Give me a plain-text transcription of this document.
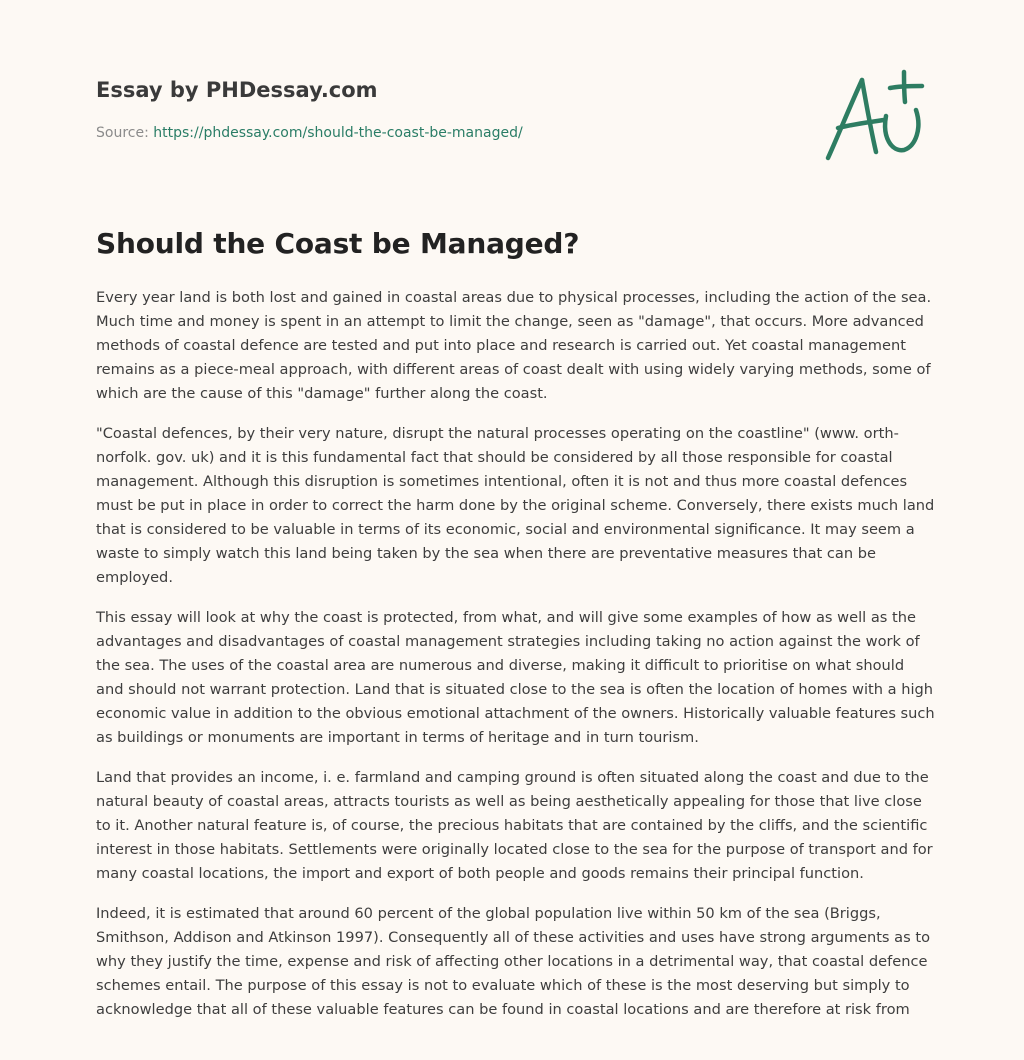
Essay by PHDessay.com
Source: https://phdessay.com/should-the-coast-be-managed/
Should the Coast be Managed?

Every year land is both lost and gained in coastal areas due to physical processes, including the action of the sea. Much time and money is spent in an attempt to limit the change, seen as "damage", that occurs. More advanced methods of coastal defence are tested and put into place and research is carried out. Yet coastal management remains as a piece-meal approach, with different areas of coast dealt with using widely varying methods, some of which are the cause of this "damage" further along the coast.

"Coastal defences, by their very nature, disrupt the natural processes operating on the coastline" (www. orth-norfolk. gov. uk) and it is this fundamental fact that should be considered by all those responsible for coastal management. Although this disruption is sometimes intentional, often it is not and thus more coastal defences must be put in place in order to correct the harm done by the original scheme. Conversely, there exists much land that is considered to be valuable in terms of its economic, social and environmental significance. It may seem a waste to simply watch this land being taken by the sea when there are preventative measures that can be employed.

This essay will look at why the coast is protected, from what, and will give some examples of how as well as the advantages and disadvantages of coastal management strategies including taking no action against the work of the sea. The uses of the coastal area are numerous and diverse, making it difficult to prioritise on what should and should not warrant protection. Land that is situated close to the sea is often the location of homes with a high economic value in addition to the obvious emotional attachment of the owners. Historically valuable features such as buildings or monuments are important in terms of heritage and in turn tourism.

Land that provides an income, i. e. farmland and camping ground is often situated along the coast and due to the natural beauty of coastal areas, attracts tourists as well as being aesthetically appealing for those that live close to it. Another natural feature is, of course, the precious habitats that are contained by the cliffs, and the scientific interest in those habitats. Settlements were originally located close to the sea for the purpose of transport and for many coastal locations, the import and export of both people and goods remains their principal function.

Indeed, it is estimated that around 60 percent of the global population live within 50 km of the sea (Briggs, Smithson, Addison and Atkinson 1997). Consequently all of these activities and uses have strong arguments as to why they justify the time, expense and risk of affecting other locations in a detrimental way, that coastal defence schemes entail. The purpose of this essay is not to evaluate which of these is the most deserving but simply to acknowledge that all of these valuable features can be found in coastal locations and are therefore at risk from
